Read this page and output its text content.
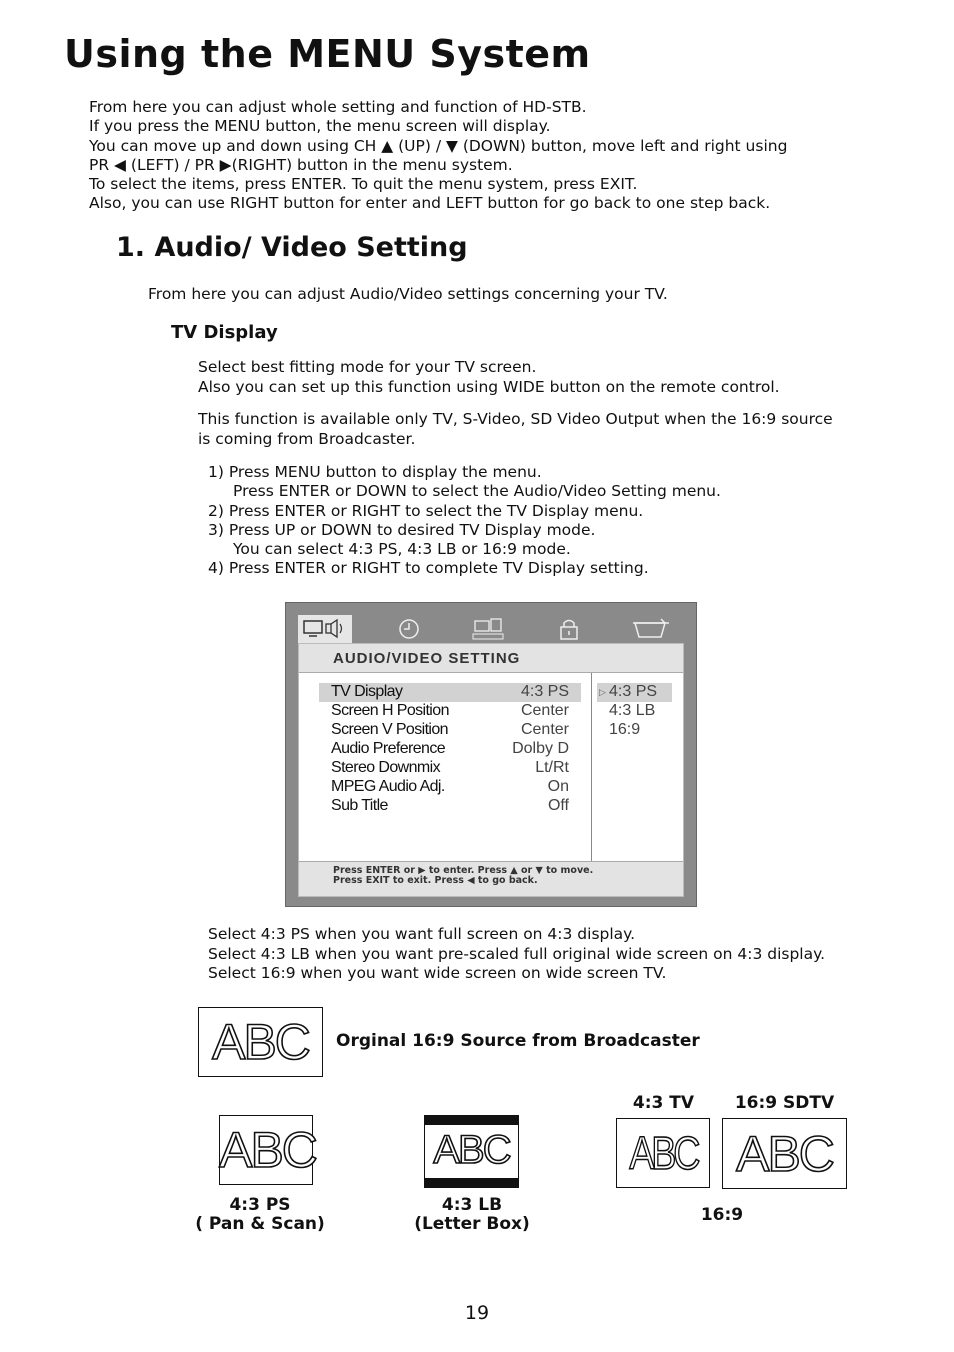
Using the MENU System
From here you can adjust whole setting and function of HD-STB.
If you press the MENU button, the menu screen will display.
You can move up and down using CH ▲ (UP) / ▼ (DOWN) button, move left and right using
PR ◀ (LEFT) / PR ▶(RIGHT) button in the menu system.
To select the items, press ENTER. To quit the menu system, press EXIT.
Also, you can use RIGHT button for enter and LEFT button for go back to one step back.
1. Audio/ Video Setting
From here you can adjust Audio/Video settings concerning your TV.
TV Display
Select best fitting mode for your TV screen.
Also you can set up this function using WIDE button on the remote control.
This function is available only TV, S-Video, SD Video Output when the 16:9 source
is coming from Broadcaster.
1) Press MENU button to display the menu.
Press ENTER or DOWN to select the Audio/Video Setting menu.
2) Press ENTER or RIGHT to select the TV Display menu.
3) Press UP or DOWN to desired TV Display mode.
You can select 4:3 PS, 4:3 LB or 16:9 mode.
4) Press ENTER or RIGHT to complete TV Display setting.
AUDIO/VIDEO SETTING
TV Display	4:3 PS
Screen H Position	Center
Screen V Position	Center
Audio Preference	Dolby D
Stereo Downmix	Lt/Rt
MPEG Audio Adj.	On
Sub Title	Off
▷ 4:3 PS
4:3 LB
16:9
Press ENTER or ▶ to enter. Press ▲ or ▼ to move.
Press EXIT to exit. Press ◀ to go back.
Select 4:3 PS when you want full screen on 4:3 display.
Select 4:3 LB when you want pre-scaled full original wide screen on 4:3 display.
Select 16:9 when you want wide screen on wide screen TV.
ABC Orginal 16:9 Source from Broadcaster
ABC
4:3 PS
( Pan & Scan)
ABC
4:3 LB
(Letter Box)
4:3 TV	16:9 SDTV
ABC ABC
16:9
19
